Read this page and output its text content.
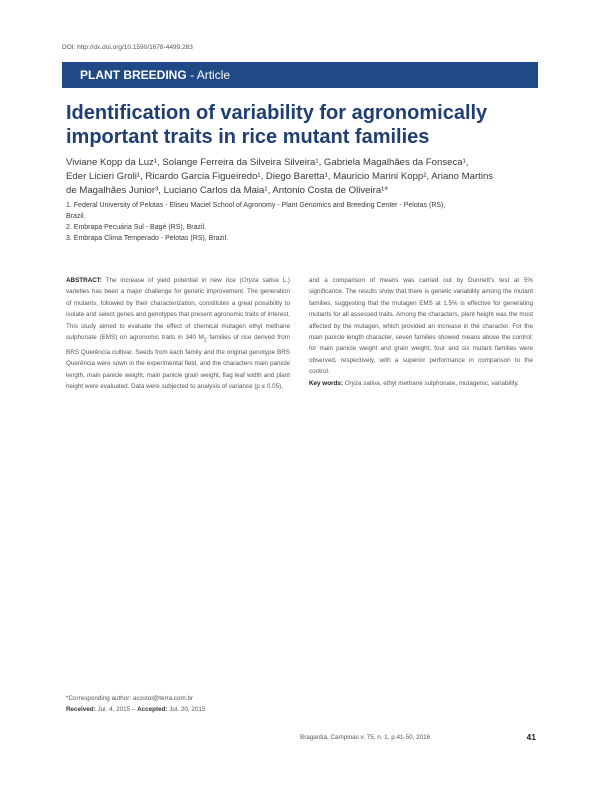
DOI: http://dx.doi.org/10.1590/1678-4499.283
PLANT BREEDING - Article
Identification of variability for agronomically important traits in rice mutant families
Viviane Kopp da Luz¹, Solange Ferreira da Silveira Silveira¹, Gabriela Magalhães da Fonseca¹,
Eder Licieri Groli¹, Ricardo Garcia Figueiredo¹, Diego Baretta¹, Mauricio Marini Kopp², Ariano Martins
de Magalhães Junior³, Luciano Carlos da Maia¹, Antonio Costa de Oliveira¹*
1. Federal University of Pelotas - Eliseu Maciel School of Agronomy - Plant Genomics and Breeding Center - Pelotas (RS),
Brazil.
2. Embrapa Pecuária Sul - Bagé (RS), Brazil.
3. Embrapa Clima Temperado - Pelotas (RS), Brazil.
ABSTRACT: The increase of yield potential in new rice (Oryza sativa L.) varieties has been a major challenge for genetic improvement. The generation of mutants, followed by their characterization, constitutes a great possibility to isolate and select genes and genotypes that present agronomic traits of interest. This study aimed to evaluate the effect of chemical mutagen ethyl methane sulphonate (EMS) on agronomic traits in 340 $M_2$ families of rice derived from BRS Querência cultivar. Seeds from each family and the original genotype BRS Querência were sown in the experimental field, and the characters main panicle length, main panicle weight, main panicle grain weight, flag leaf width and plant height were evaluated. Data were subjected to analysis of variance (p ≤ 0.05),
and a comparison of means was carried out by Dunnett's test at 5% significance. The results show that there is genetic variability among the mutant families, suggesting that the mutagen EMS at 1.5% is effective for generating mutants for all assessed traits. Among the characters, plant height was the most affected by the mutagen, which provided an increase in the character. For the main panicle length character, seven families showed means above the control; for main panicle weight and grain weight, four and six mutant families were observed, respectively, with a superior performance in comparison to the control.
Key words: Oryza sativa, ethyl methane sulphonate, mutagenic, variability.
*Corresponding author: acostol@terra.com.br
Received: Jul. 4, 2015 – Accepted: Jul. 20, 2015
Bragantia, Campinas v. 75, n. 1, p.41-50, 2016	41
